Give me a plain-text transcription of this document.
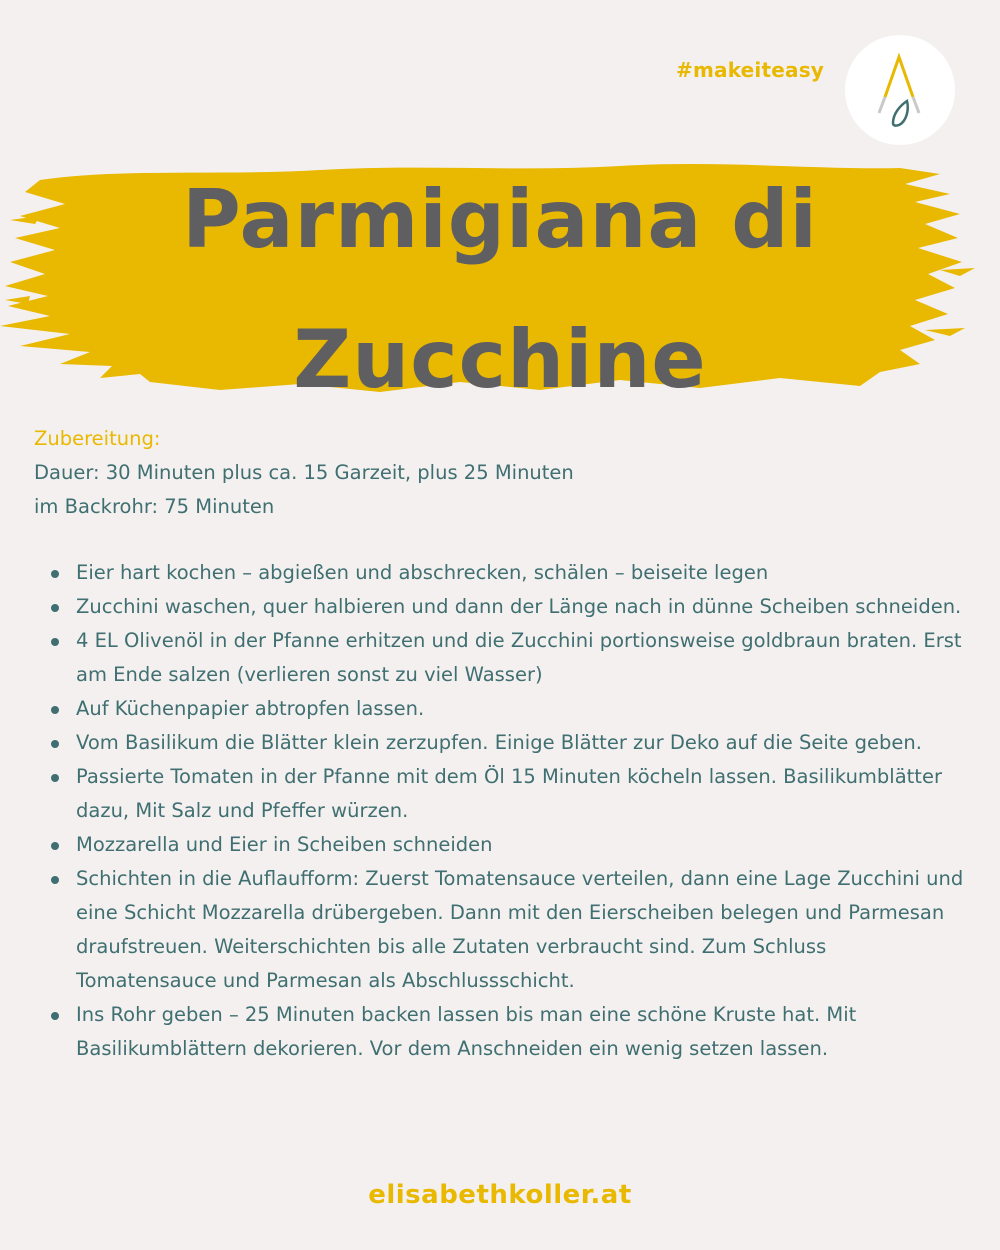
#makeiteasy
Parmigiana di
Zucchine
Zubereitung:
Dauer: 30 Minuten plus ca. 15 Garzeit, plus 25 Minuten
im Backrohr: 75 Minuten
Eier hart kochen – abgießen und abschrecken, schälen – beiseite legen
Zucchini waschen, quer halbieren und dann der Länge nach in dünne Scheiben schneiden.
4 EL Olivenöl in der Pfanne erhitzen und die Zucchini portionsweise goldbraun braten. Erst am Ende salzen (verlieren sonst zu viel Wasser)
Auf Küchenpapier abtropfen lassen.
Vom Basilikum die Blätter klein zerzupfen. Einige Blätter zur Deko auf die Seite geben.
Passierte Tomaten in der Pfanne mit dem Öl 15 Minuten köcheln lassen. Basilikumblätter dazu, Mit Salz und Pfeffer würzen.
Mozzarella und Eier in Scheiben schneiden
Schichten in die Auflaufform: Zuerst Tomatensauce verteilen, dann eine Lage Zucchini und eine Schicht Mozzarella drübergeben. Dann mit den Eierscheiben belegen und Parmesan draufstreuen. Weiterschichten bis alle Zutaten verbraucht sind. Zum Schluss Tomatensauce und Parmesan als Abschlussschicht.
Ins Rohr geben – 25 Minuten backen lassen bis man eine schöne Kruste hat. Mit Basilikumblättern dekorieren. Vor dem Anschneiden ein wenig setzen lassen.
elisabethkoller.at
